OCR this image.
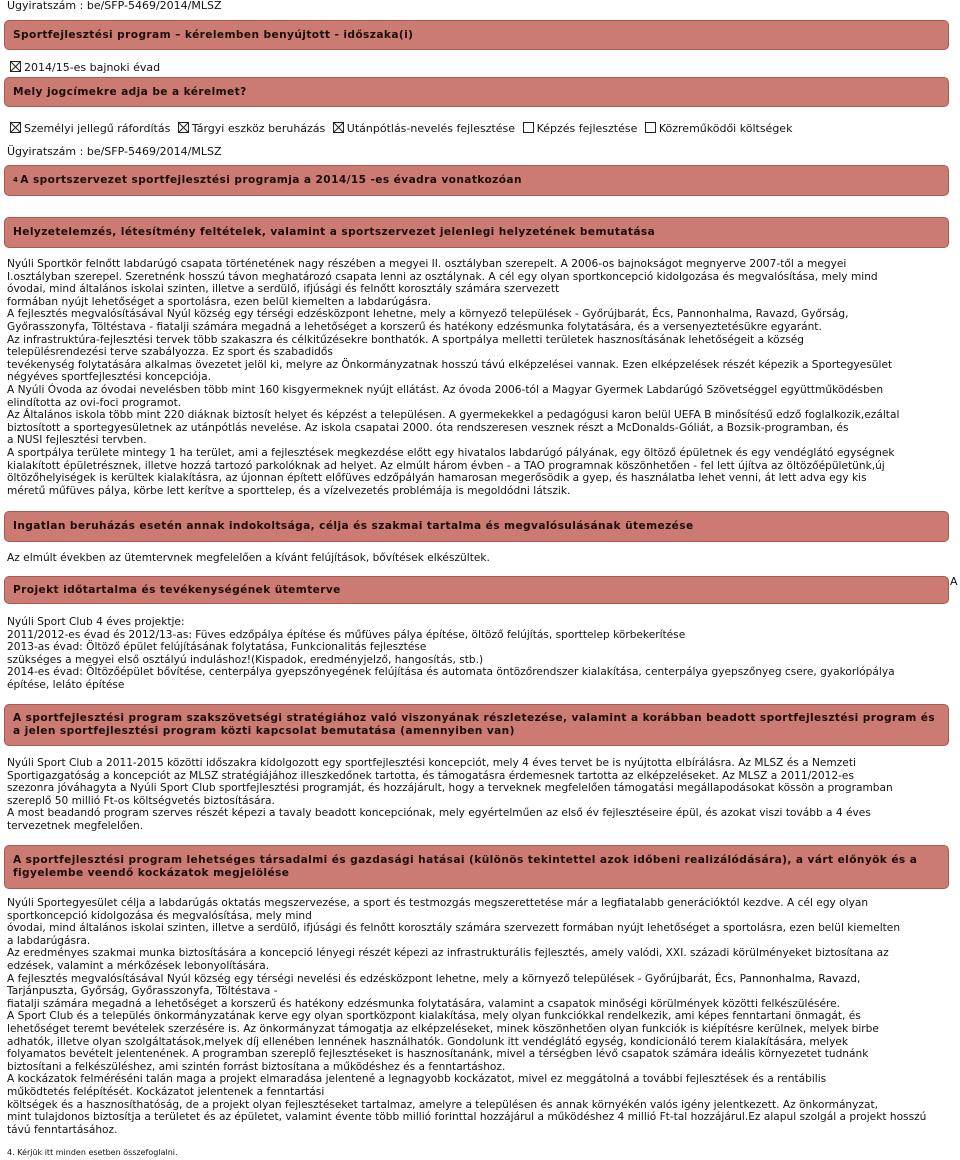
Ügyiratszám : be/SFP-5469/2014/MLSZ
Sportfejlesztési program – kérelemben benyújtott - időszaka(i)
2014/15-es bajnoki évad
Mely jogcímekre adja be a kérelmet?
Személyi jellegű ráfordítás Tárgyi eszköz beruházás Utánpótlás-nevelés fejlesztése Képzés fejlesztése Közreműködői költségek
Ügyiratszám : be/SFP-5469/2014/MLSZ
4 A sportszervezet sportfejlesztési programja a 2014/15 -es évadra vonatkozóan
Helyzetelemzés, létesítmény feltételek, valamint a sportszervezet jelenlegi helyzetének bemutatása
Nyúli Sportkör felnőtt labdarúgó csapata történetének nagy részében a megyei II. osztályban szerepelt. A 2006-os bajnokságot megnyerve 2007-től a megyei
I.osztályban szerepel. Szeretnénk hosszú távon meghatározó csapata lenni az osztálynak. A cél egy olyan sportkoncepció kidolgozása és megvalósítása, mely mind
óvodai, mind általános iskolai szinten, illetve a serdülő, ifjúsági és felnőtt korosztály számára szervezett
formában nyújt lehetőséget a sportolásra, ezen belül kiemelten a labdarúgásra.
A fejlesztés megvalósításával Nyúl község egy térségi edzésközpont lehetne, mely a környező települések - Győrújbarát, Écs, Pannonhalma, Ravazd, Győrság,
Győrasszonyfa, Töltéstava - fiatalji számára megadná a lehetőséget a korszerű és hatékony edzésmunka folytatására, és a versenyeztetésükre egyaránt.
Az infrastruktúra-fejlesztési tervek több szakaszra és célkitűzésekre bonthatók. A sportpálya melletti területek hasznosításának lehetőségeit a község
településrendezési terve szabályozza. Ez sport és szabadidős
tevékenység folytatására alkalmas övezetet jelöl ki, melyre az Önkormányzatnak hosszú távú elképzelései vannak. Ezen elképzelések részét képezik a Sportegyesület
négyéves sportfejlesztési koncepciója.
A Nyúli Óvoda az óvodai nevelésben több mint 160 kisgyermeknek nyújt ellátást. Az óvoda 2006-tól a Magyar Gyermek Labdarúgó Szövetséggel együttműködésben
elindította az ovi-foci programot.
Az Általános iskola több mint 220 diáknak biztosít helyet és képzést a településen. A gyermekekkel a pedagógusi karon belül UEFA B minősítésű edző foglalkozik,ezáltal
biztosított a sportegyesületnek az utánpótlás nevelése. Az iskola csapatai 2000. óta rendszeresen vesznek részt a McDonalds-Góliát, a Bozsik-programban, és
a NUSI fejlesztési tervben.
A sportpálya területe mintegy 1 ha terület, ami a fejlesztések megkezdése előtt egy hivatalos labdarúgó pályának, egy öltöző épületnek és egy vendéglátó egységnek
kialakított épületrésznek, illetve hozzá tartozó parkolóknak ad helyet. Az elmúlt három évben - a TAO programnak köszönhetően - fel lett újítva az öltözőépületünk,új
öltözőhelyiségek is kerültek kialakításra, az újonnan épített előfüves edzőpályán hamarosan megerősödik a gyep, és használatba lehet venni, át lett adva egy kis
méretű műfüves pálya, körbe lett kerítve a sporttelep, és a vízelvezetés problémája is megoldódni látszik.
Ingatlan beruházás esetén annak indokoltsága, célja és szakmai tartalma és megvalósulásának ütemezése
Az elmúlt években az ütemtervnek megfelelően a kívánt felújítások, bővítések elkészültek.
Projekt időtartalma és tevékenységének ütemterve
A
Nyúli Sport Club 4 éves projektje:
2011/2012-es évad és 2012/13-as: Füves edzőpálya építése és műfüves pálya építése, öltöző felújítás, sporttelep körbekerítése
2013-as évad: Öltöző épület felújításának folytatása, Funkcionalitás fejlesztése
szükséges a megyei első osztályú induláshoz!(Kispadok, eredményjelző, hangosítás, stb.)
2014-es évad: Öltözőépület bővítése, centerpálya gyepszőnyegének felújítása és automata öntözőrendszer kialakítása, centerpálya gyepszőnyeg csere, gyakorlópálya
építése, leláto építése
A sportfejlesztési program szakszövetségi stratégiához való viszonyának részletezése, valamint a korábban beadott sportfejlesztési program és a jelen sportfejlesztési program közti kapcsolat bemutatása (amennyiben van)
Nyúli Sport Club a 2011-2015 közötti időszakra kidolgozott egy sportfejlesztési koncepciót, mely 4 éves tervet be is nyújtotta elbírálásra. Az MLSZ és a Nemzeti
Sportigazgatóság a koncepciót az MLSZ stratégiájához illeszkedőnek tartotta, és támogatásra érdemesnek tartotta az elképzeléseket. Az MLSZ a 2011/2012-es
szezonra jóváhagyta a Nyúli Sport Club sportfejlesztési programját, és hozzájárult, hogy a terveknek megfelelően támogatási megállapodásokat kössön a programban
szereplő 50 millió Ft-os költségvetés biztosítására.
A most beadandó program szerves részét képezi a tavaly beadott koncepciónak, mely egyértelműen az első év fejlesztéseire épül, és azokat viszi tovább a 4 éves
tervezetnek megfelelően.
A sportfejlesztési program lehetséges társadalmi és gazdasági hatásai (különös tekintettel azok időbeni realizálódására), a várt előnyök és a figyelembe veendő kockázatok megjelölése
Nyúli Sportegyesület célja a labdarúgás oktatás megszervezése, a sport és testmozgás megszerettetése már a legfiatalabb generációktól kezdve. A cél egy olyan
sportkoncepció kidolgozása és megvalósítása, mely mind
óvodai, mind általános iskolai szinten, illetve a serdülő, ifjúsági és felnőtt korosztály számára szervezett formában nyújt lehetőséget a sportolásra, ezen belül kiemelten
a labdarúgásra.
Az eredményes szakmai munka biztosítására a koncepció lényegi részét képezi az infrastrukturális fejlesztés, amely valódi, XXI. századi körülményeket biztosítana az
edzések, valamint a mérkőzések lebonyolítására.
A fejlesztés megvalósításával Nyúl község egy térségi nevelési és edzésközpont lehetne, mely a környező települések - Győrújbarát, Écs, Pannonhalma, Ravazd,
Tarjánpuszta, Győrság, Győrasszonyfa, Töltéstava -
fiatalji számára megadná a lehetőséget a korszerű és hatékony edzésmunka folytatására, valamint a csapatok minőségi körülmények közötti felkészülésére.
A Sport Club és a település önkormányzatának kerve egy olyan sportközpont kialakítása, mely olyan funkciókkal rendelkezik, ami képes fenntartani önmagát, és
lehetőséget teremt bevételek szerzésére is. Az önkormányzat támogatja az elképzeléseket, minek köszönhetően olyan funkciók is kiépítésre kerülnek, melyek birbe
adhatók, illetve olyan szolgáltatások,melyek díj ellenében lennének használhatók. Gondolunk itt vendéglátó egység, kondicionáló terem kialakítására, melyek
folyamatos bevételt jelentenének. A programban szereplő fejlesztéseket is hasznosítanánk, mivel a térségben lévő csapatok számára ideális környezetet tudnánk
biztosítani a felkészüléshez, ami szintén forrást biztosítana a működéshez és a fenntartáshoz.
A kockázatok felméréséni talán maga a projekt elmaradása jelentené a legnagyobb kockázatot, mivel ez meggátolná a további fejlesztések és a rentábilis
működtetés felépítését. Kockázatot jelentenek a fenntartási
költségek és a hasznosíthatóság, de a projekt olyan fejlesztéseket tartalmaz, amelyre a településen és annak környékén valós igény jelentkezett. Az önkormányzat,
mint tulajdonos biztosítja a területet és az épületet, valamint évente több millió forinttal hozzájárul a működéshez 4 millió Ft-tal hozzájárul.Ez alapul szolgál a projekt hosszú
távú fenntartásához.
4. Kérjük itt minden esetben összefoglalni.
